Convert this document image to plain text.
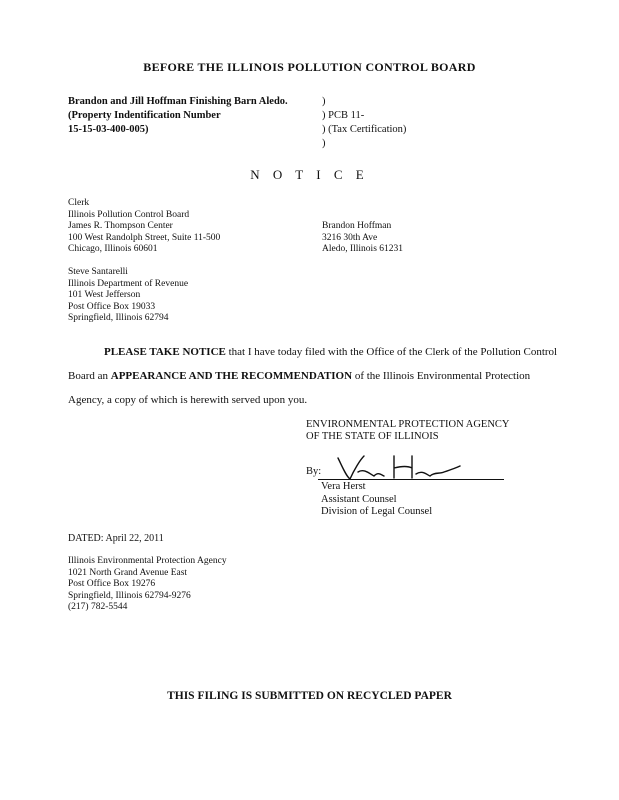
BEFORE THE ILLINOIS POLLUTION CONTROL BOARD
Brandon and Jill Hoffman Finishing Barn Aledo.
(Property Indentification Number
15-15-03-400-005)
)
) PCB 11-
) (Tax Certification)
)
N O T I C E
Clerk
Illinois Pollution Control Board
James R. Thompson Center
100 West Randolph Street, Suite 11-500
Chicago, Illinois 60601
Brandon Hoffman
3216 30th Ave
Aledo, Illinois 61231
Steve Santarelli
Illinois Department of Revenue
101 West Jefferson
Post Office Box 19033
Springfield, Illinois 62794
PLEASE TAKE NOTICE that I have today filed with the Office of the Clerk of the Pollution Control Board an APPEARANCE AND THE RECOMMENDATION of the Illinois Environmental Protection Agency, a copy of which is herewith served upon you.
ENVIRONMENTAL PROTECTION AGENCY
OF THE STATE OF ILLINOIS
By:
Vera Herst
Assistant Counsel
Division of Legal Counsel
DATED: April 22, 2011
Illinois Environmental Protection Agency
1021 North Grand Avenue East
Post Office Box 19276
Springfield, Illinois 62794-9276
(217) 782-5544
THIS FILING IS SUBMITTED ON RECYCLED PAPER
